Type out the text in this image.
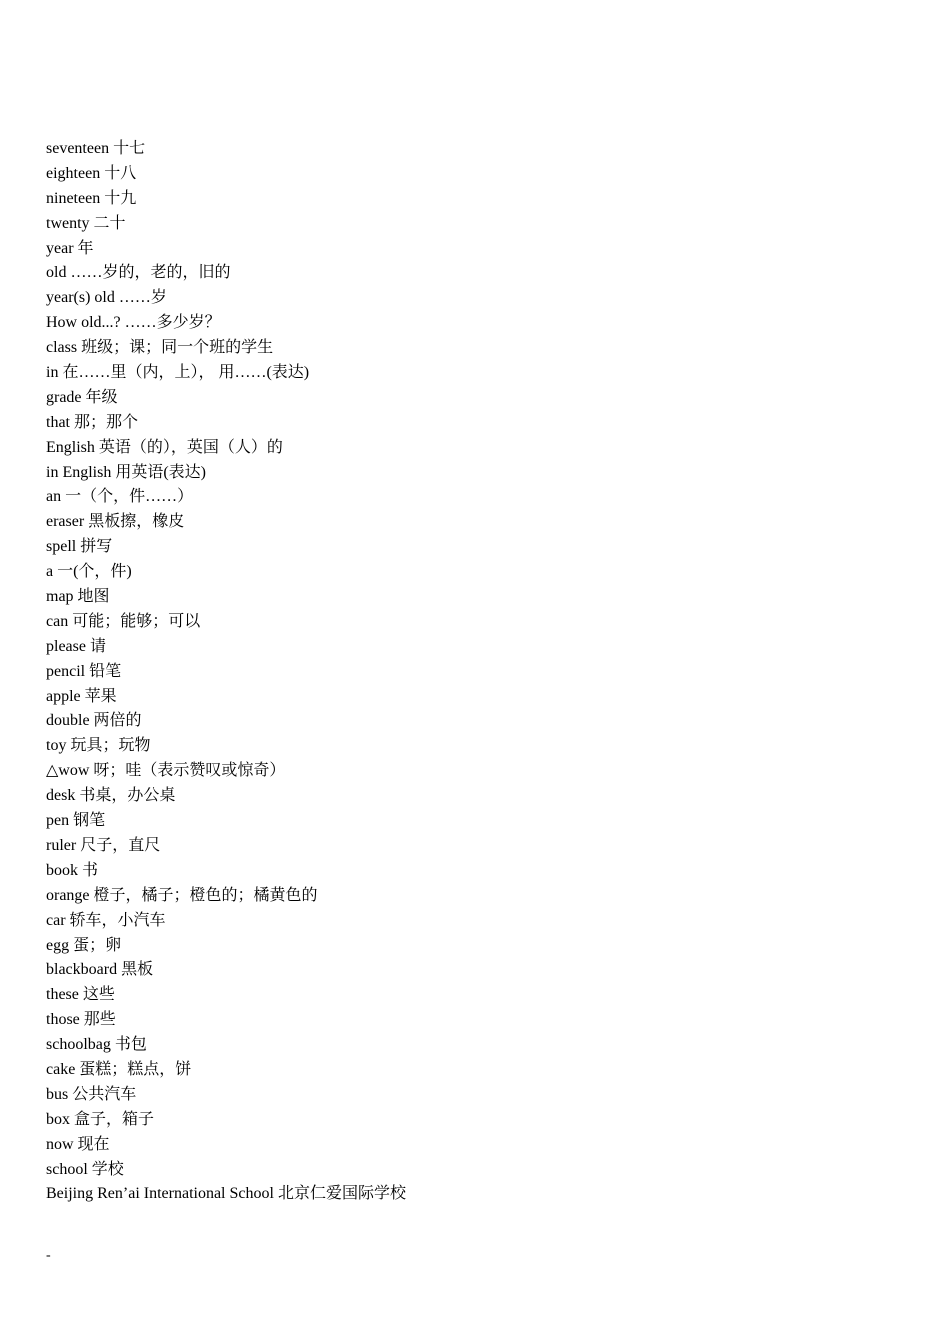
seventeen 十七
eighteen 十八
nineteen 十九
twenty 二十
year 年
old ……岁的，老的，旧的
year(s) old ……岁
How old...? ……多少岁？
class 班级；课；同一个班的学生
in 在……里（内，上）， 用……(表达)
grade 年级
that 那；那个
English 英语（的），英国（人）的
in English 用英语(表达)
an 一（个，件……）
eraser 黑板擦，橡皮
spell 拼写
a 一(个，件)
map 地图
can 可能；能够；可以
please 请
pencil 铅笔
apple 苹果
double 两倍的
toy 玩具；玩物
△wow 呀；哇（表示赞叹或惊奇）
desk 书桌，办公桌
pen 钢笔
ruler 尺子，直尺
book 书
orange 橙子，橘子；橙色的；橘黄色的
car 轿车，小汽车
egg 蛋；卵
blackboard 黑板
these 这些
those 那些
schoolbag 书包
cake 蛋糕；糕点，饼
bus 公共汽车
box 盒子，箱子
now 现在
school 学校
Beijing Ren’ai International School 北京仁爱国际学校
-
